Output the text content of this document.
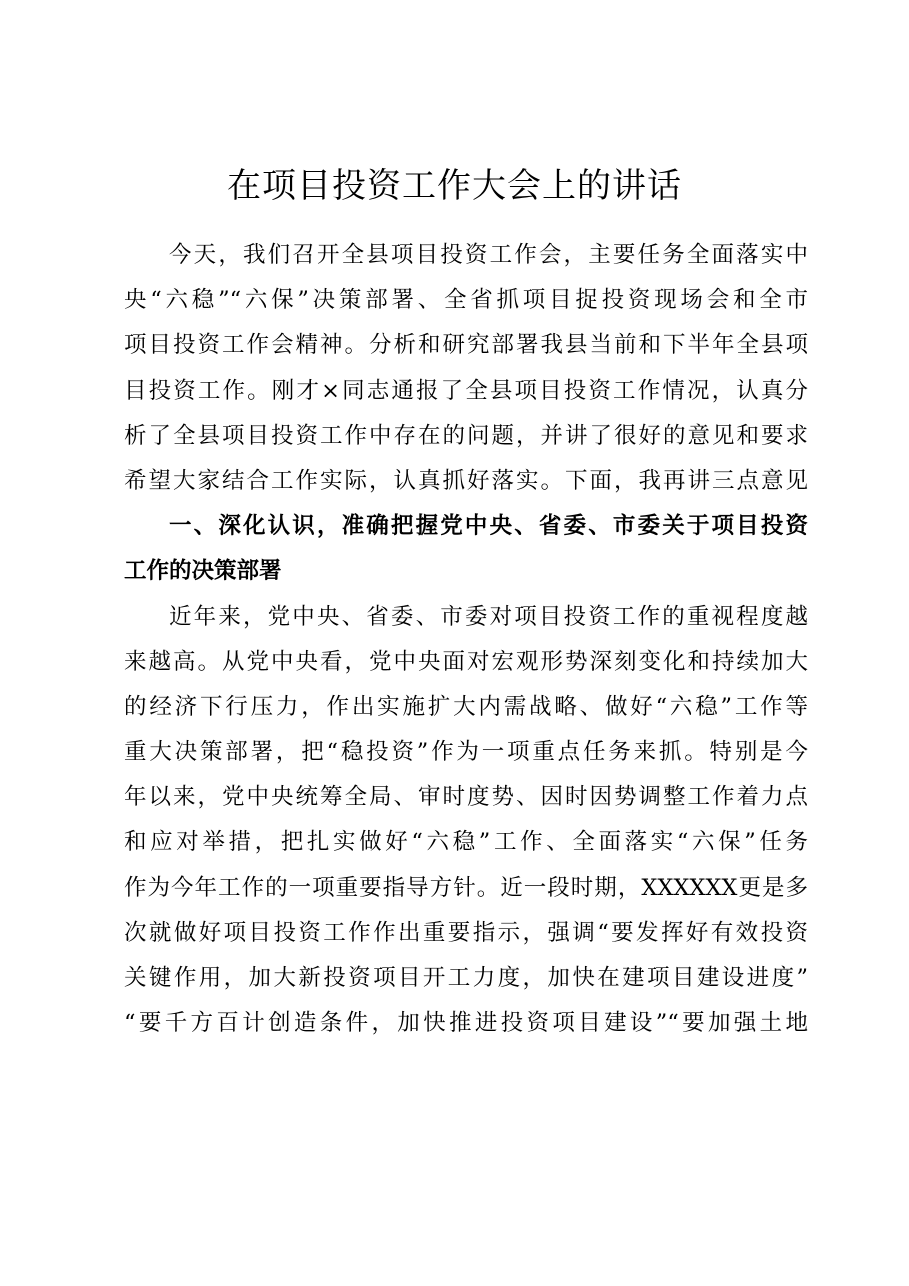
在项目投资工作大会上的讲话
今天，我们召开全县项目投资工作会，主要任务全面落实中
央“六稳”“六保”决策部署、全省抓项目捉投资现场会和全市
项目投资工作会精神。分析和研究部署我县当前和下半年全县项
目投资工作。刚才×同志通报了全县项目投资工作情况，认真分
析了全县项目投资工作中存在的问题，并讲了很好的意见和要求
希望大家结合工作实际，认真抓好落实。下面，我再讲三点意见
一、深化认识，准确把握党中央、省委、市委关于项目投资
工作的决策部署
近年来，党中央、省委、市委对项目投资工作的重视程度越
来越高。从党中央看，党中央面对宏观形势深刻变化和持续加大
的经济下行压力，作出实施扩大内需战略、做好“六稳”工作等
重大决策部署，把“稳投资”作为一项重点任务来抓。特别是今
年以来，党中央统筹全局、审时度势、因时因势调整工作着力点
和应对举措，把扎实做好“六稳”工作、全面落实“六保”任务
作为今年工作的一项重要指导方针。近一段时期，XXXXXX更是多
次就做好项目投资工作作出重要指示，强调“要发挥好有效投资
关键作用，加大新投资项目开工力度，加快在建项目建设进度”
“要千方百计创造条件，加快推进投资项目建设”“要加强土地
